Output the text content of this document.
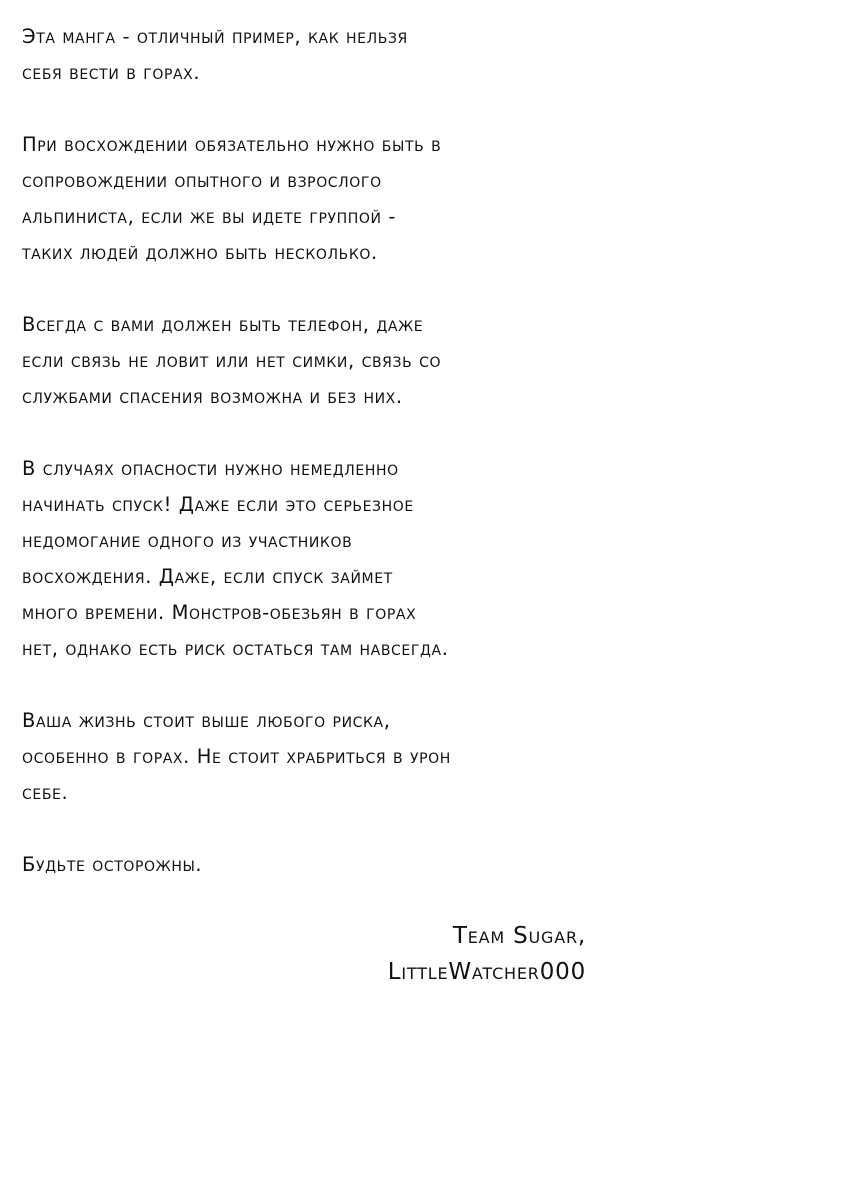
Эта манга - отличный пример, как нельзя
себя вести в горах.

При восхождении обязательно нужно быть в
сопровождении опытного и взрослого
альпиниста, если же вы идете группой -
таких людей должно быть несколько.

Всегда с вами должен быть телефон, даже
если связь не ловит или нет симки, связь со
службами спасения возможна и без них.

В случаях опасности нужно немедленно
начинать спуск! Даже если это серьезное
недомогание одного из участников
восхождения. Даже, если спуск займет
много времени. Монстров-обезьян в горах
нет, однако есть риск остаться там навсегда.

Ваша жизнь стоит выше любого риска,
особенно в горах. Не стоит храбриться в урон
себе.

Будьте осторожны.

Team Sugar,
LittleWatcher000
